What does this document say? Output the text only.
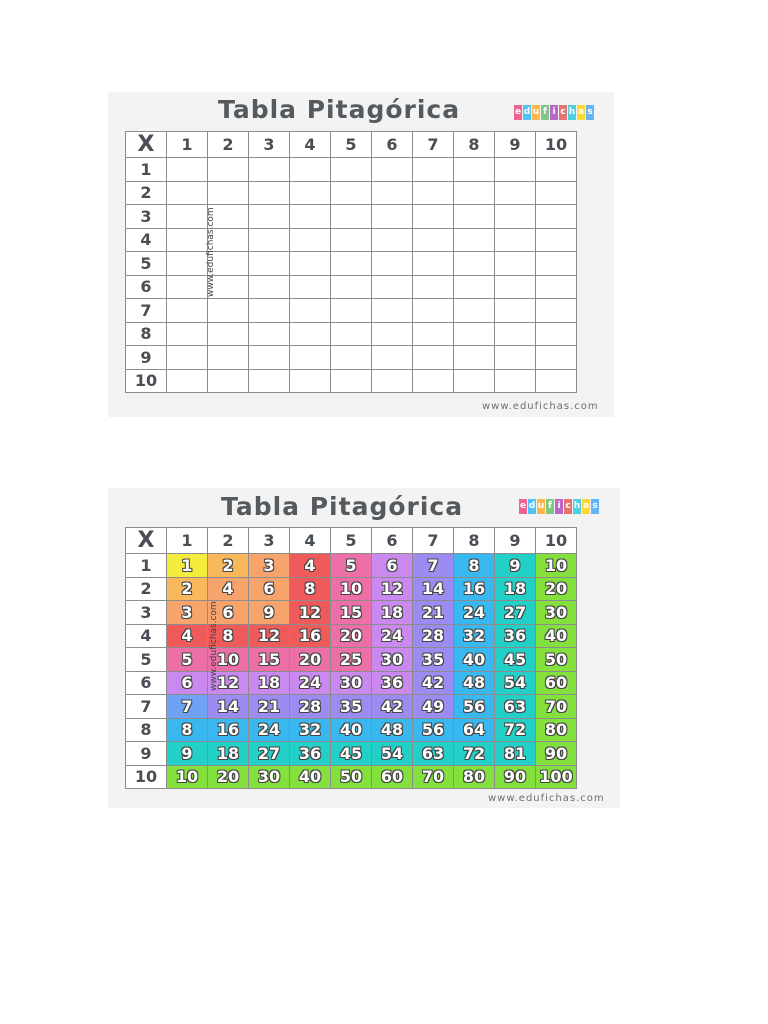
Tabla Pitagórica	e d u f i c h a s
X	1	2	3	4	5	6	7	8	9	10
1										
2										
3										
4										
5										
6										
7										
8										
9										
10										
www.edufichas.com
www.edufichas.com
Tabla Pitagórica	e d u f i c h a s
X	1	2	3	4	5	6	7	8	9	10
1	1	2	3	4	5	6	7	8	9	10
2	2	4	6	8	10	12	14	16	18	20
3	3	6	9	12	15	18	21	24	27	30
4	4	8	12	16	20	24	28	32	36	40
5	5	10	15	20	25	30	35	40	45	50
6	6	12	18	24	30	36	42	48	54	60
7	7	14	21	28	35	42	49	56	63	70
8	8	16	24	32	40	48	56	64	72	80
9	9	18	27	36	45	54	63	72	81	90
10	10	20	30	40	50	60	70	80	90	100
www.edufichas.com
www.edufichas.com
